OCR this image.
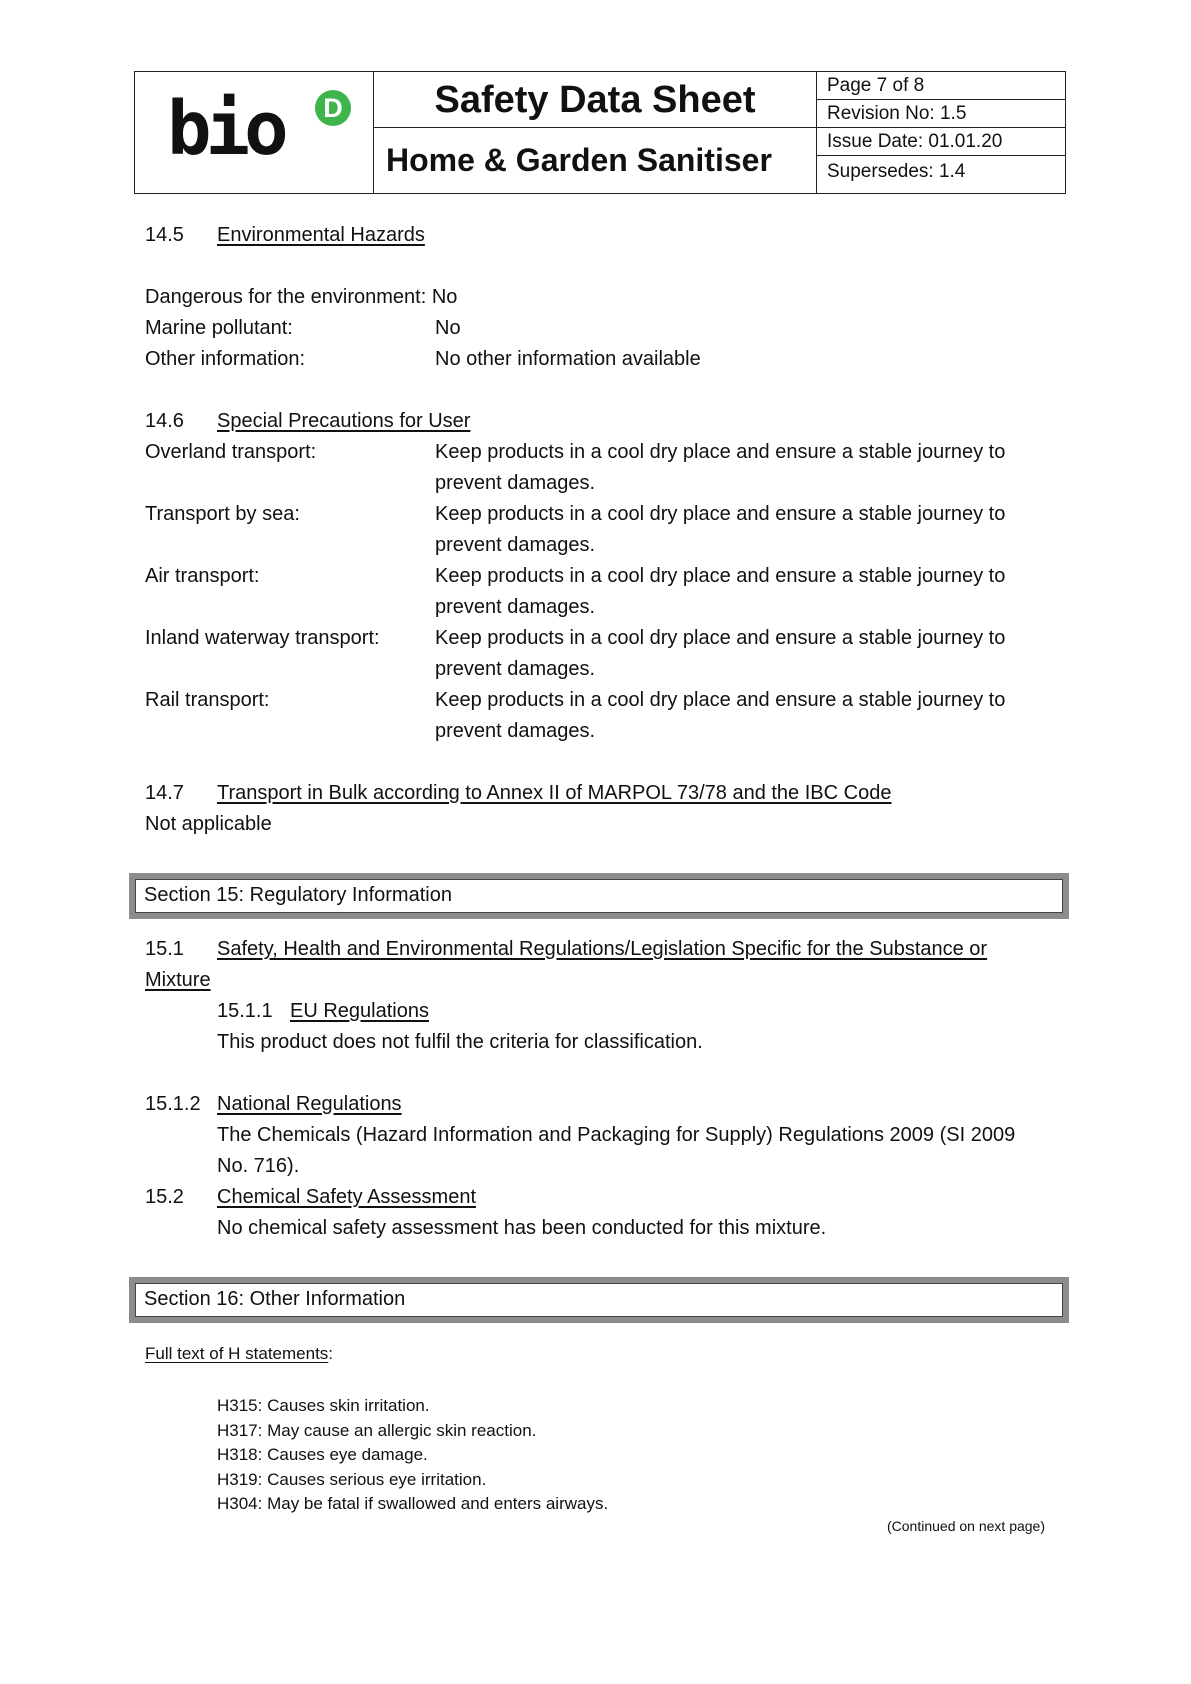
bio	D	Safety Data Sheet
Home & Garden Sanitiser
Page 7 of 8
Revision No: 1.5
Issue Date: 01.01.20
Supersedes: 1.4
14.5 Environmental Hazards
Dangerous for the environment: No
Marine pollutant:	No
Other information:	No other information available
14.6 Special Precautions for User
Overland transport:	Keep products in a cool dry place and ensure a stable journey to
prevent damages.
Transport by sea:	Keep products in a cool dry place and ensure a stable journey to
prevent damages.
Air transport:	Keep products in a cool dry place and ensure a stable journey to
prevent damages.
Inland waterway transport:	Keep products in a cool dry place and ensure a stable journey to
prevent damages.
Rail transport:	Keep products in a cool dry place and ensure a stable journey to
prevent damages.
14.7 Transport in Bulk according to Annex II of MARPOL 73/78 and the IBC Code
Not applicable
Section 15: Regulatory Information
15.1 Safety, Health and Environmental Regulations/Legislation Specific for the Substance or
Mixture
15.1.1 EU Regulations
This product does not fulfil the criteria for classification.
15.1.2 National Regulations
The Chemicals (Hazard Information and Packaging for Supply) Regulations 2009 (SI 2009
No. 716).
15.2 Chemical Safety Assessment
No chemical safety assessment has been conducted for this mixture.
Section 16: Other Information
Full text of H statements:
H315: Causes skin irritation.
H317: May cause an allergic skin reaction.
H318: Causes eye damage.
H319: Causes serious eye irritation.
H304: May be fatal if swallowed and enters airways.
(Continued on next page)
